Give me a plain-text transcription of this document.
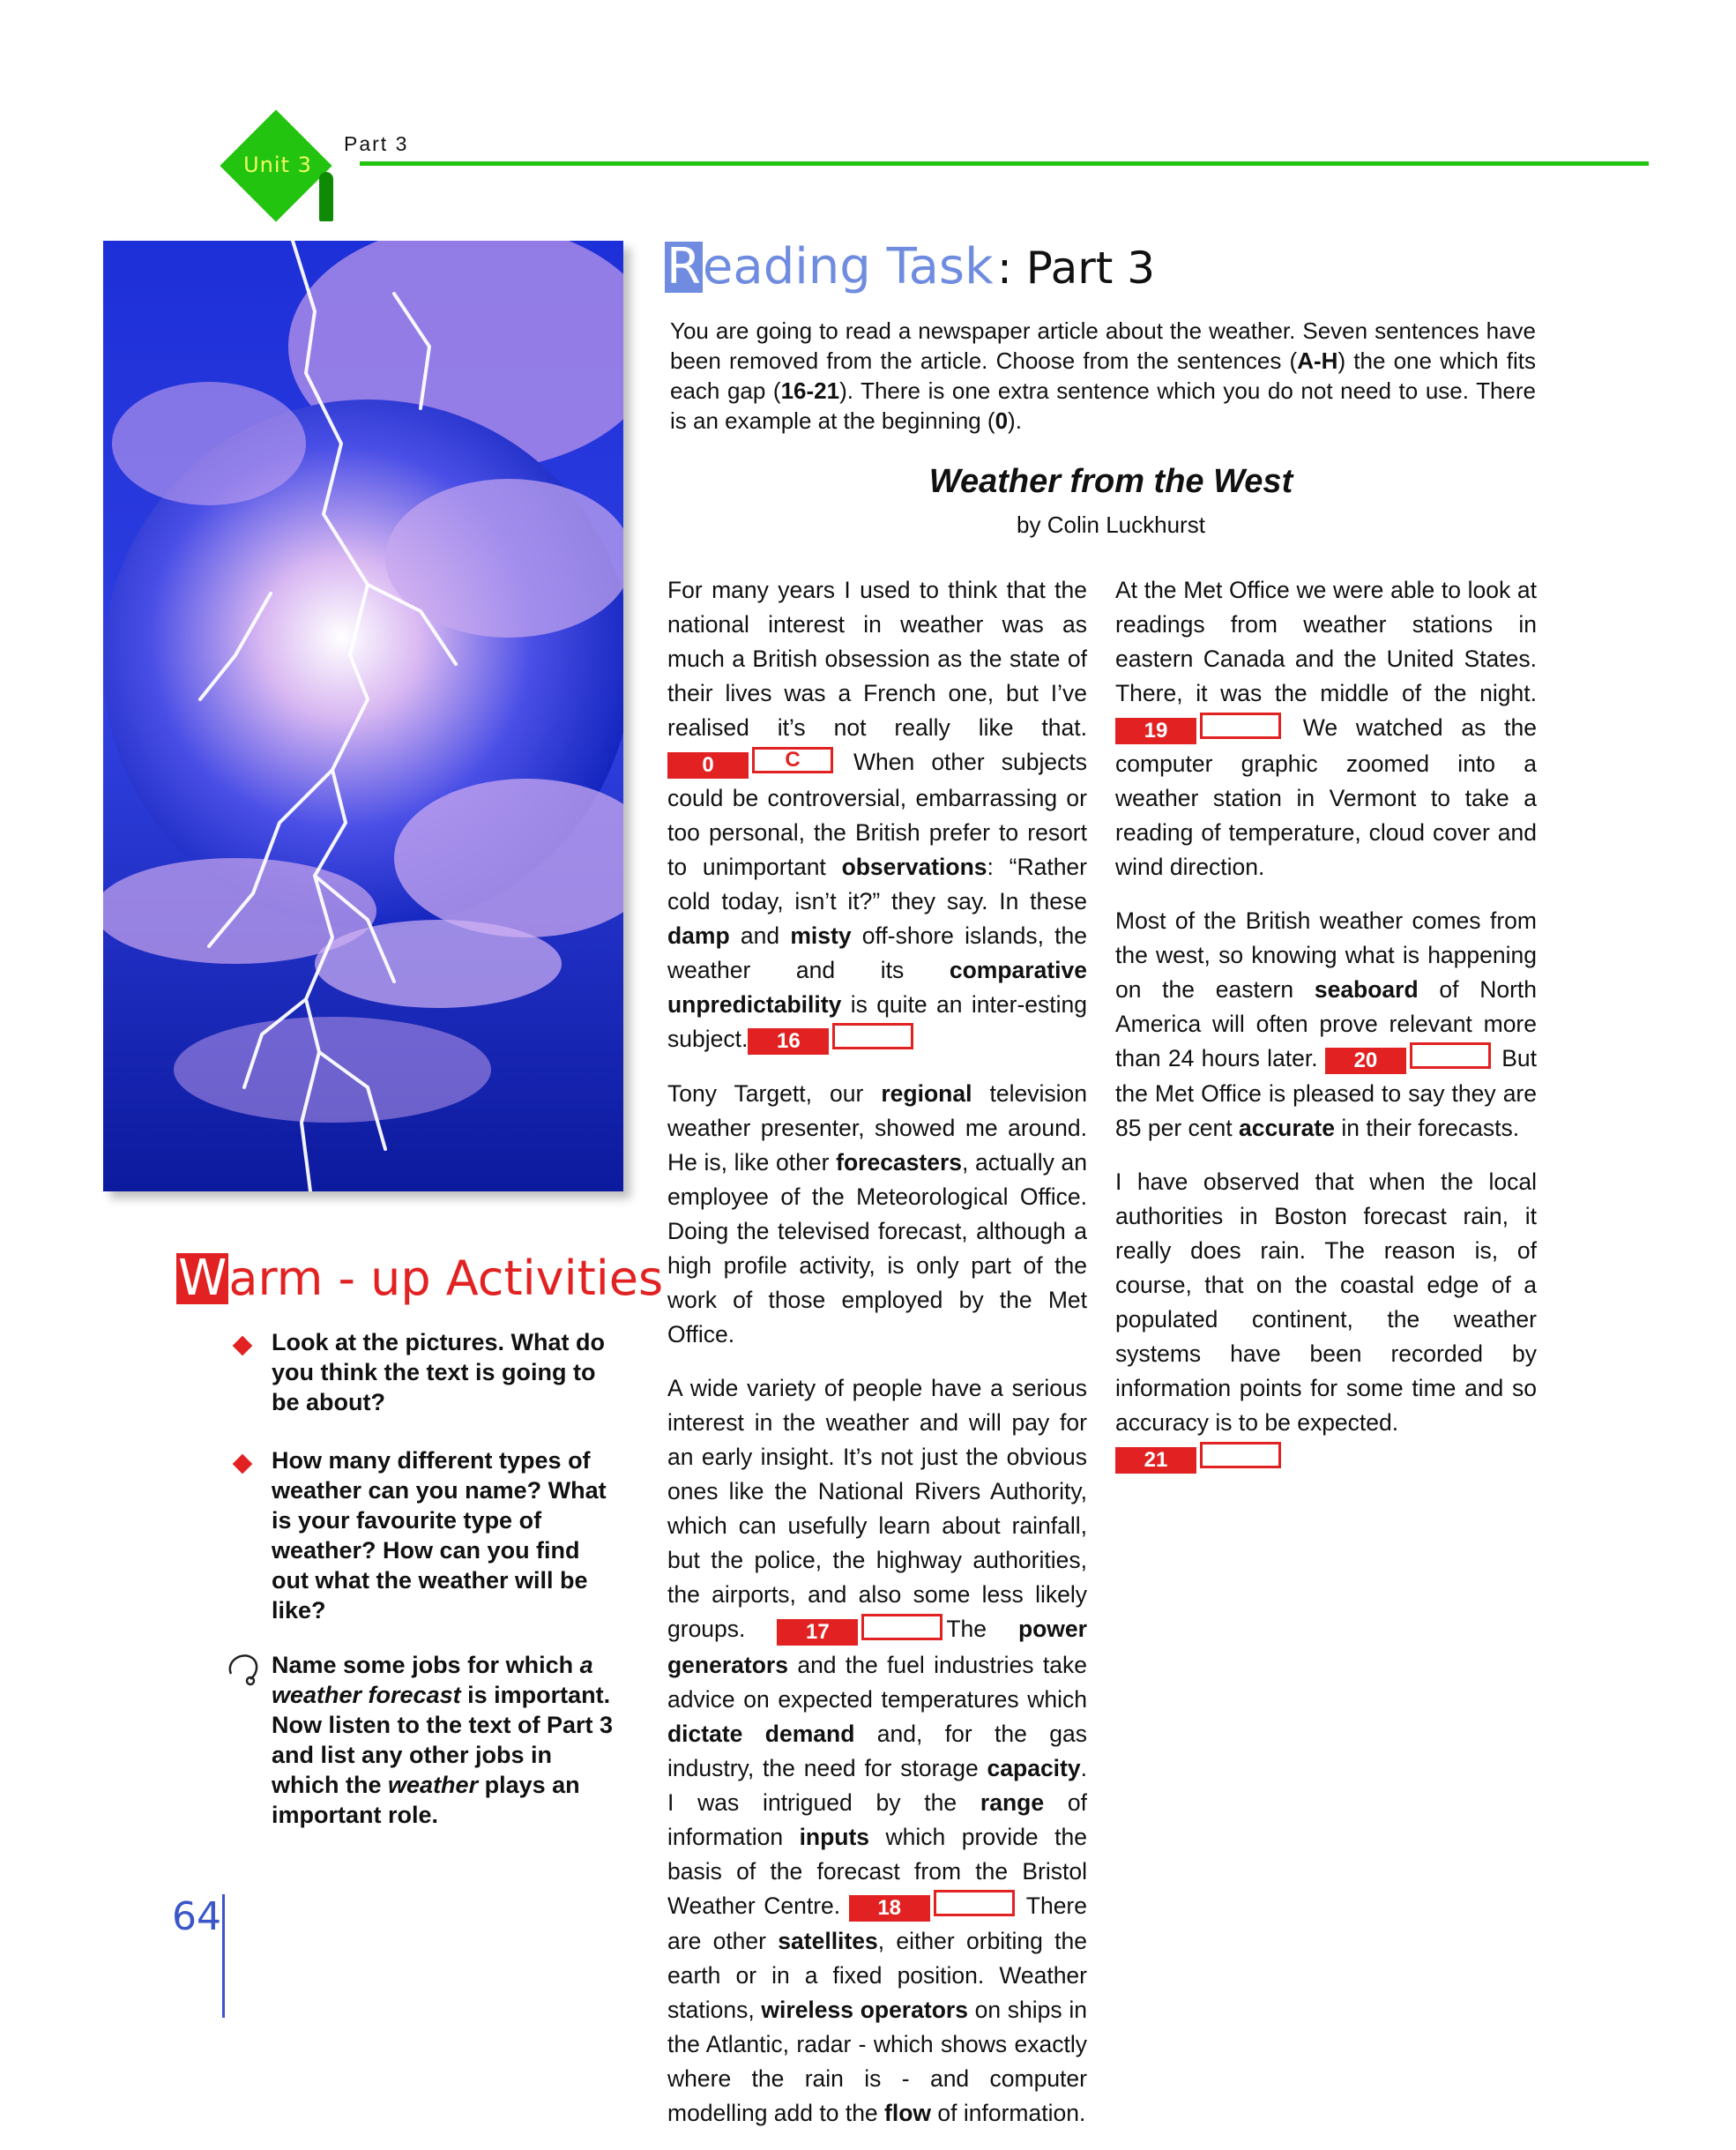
Unit 3
Part 3
Reading Task : Part 3
You are going to read a newspaper article about the weather. Seven sentences have been removed from the article. Choose from the sentences (A-H) the one which fits each gap (16-21). There is one extra sentence which you do not need to use. There is an example at the beginning (0).
Weather from the West
by Colin Luckhurst

For many years I used to think that the national interest in weather was as much a British obsession as the state of their lives was a French one, but I’ve realised it’s not really like that. 0	C When other subjects could be controversial, embarrassing or too personal, the British prefer to resort to unimportant observations: “Rather cold today, isn’t it?” they say. In these damp and misty off-shore islands, the weather and its comparative unpredictability is quite an inter-esting subject. 16

Tony Targett, our regional television weather presenter, showed me around. He is, like other forecasters, actually an employee of the Meteorological Office. Doing the televised forecast, although a high profile activity, is only part of the work of those employed by the Met Office.

A wide variety of people have a serious interest in the weather and will pay for an early insight. It’s not just the obvious ones like the National Rivers Authority, which can usefully learn about rainfall, but the police, the highway authorities, the airports, and also some less likely groups.	17	The power generators and the fuel industries take advice on expected temperatures which dictate demand and, for the gas industry, the need for storage capacity. I was intrigued by the range of information inputs which provide the basis of the forecast from the Bristol Weather Centre. 18	There are other satellites, either orbiting the earth or in a fixed position. Weather stations, wireless operators on ships in the Atlantic, radar - which shows exactly where the rain is - and computer modelling add to the flow of information.

At the Met Office we were able to look at readings from weather stations in eastern Canada and the United States. There, it was the middle of the night. 19	We watched as the computer graphic zoomed into a weather station in Vermont to take a reading of temperature, cloud cover and wind direction.

Most of the British weather comes from the west, so knowing what is happening on the eastern seaboard of North America will often prove relevant more than 24 hours later. 20	But the Met Office is pleased to say they are 85 per cent accurate in their forecasts.

I have observed that when the local authorities in Boston forecast rain, it really does rain. The reason is, of course, that on the coastal edge of a populated continent, the weather systems have been recorded by information points for some time and so accuracy is to be expected.
21

Warm - up Activities
Look at the pictures. What do you think the text is going to be about?
How many different types of weather can you name? What is your favourite type of weather? How can you find out what the weather will be like?
Name some jobs for which a weather forecast is important. Now listen to the text of Part 3 and list any other jobs in which the weather plays an important role.
64
